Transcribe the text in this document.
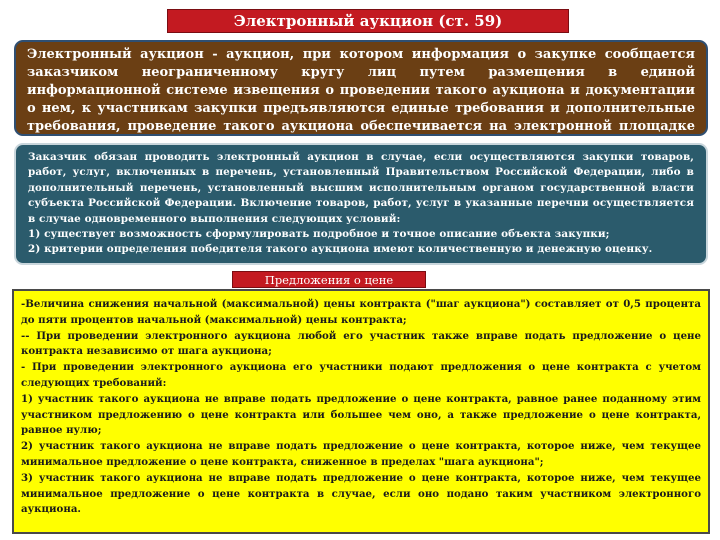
Электронный аукцион (ст. 59)
Электронный аукцион - аукцион, при котором информация о закупке сообщается заказчиком неограниченному кругу лиц путем размещения в единой информационной системе извещения о проведении такого аукциона и документации о нем, к участникам закупки предъявляются единые требования и дополнительные требования, проведение такого аукциона обеспечивается на электронной площадке

Заказчик обязан проводить электронный аукцион в случае, если осуществляются закупки товаров, работ, услуг, включенных в перечень, установленный Правительством Российской Федерации, либо в дополнительный перечень, установленный высшим исполнительным органом государственной власти субъекта Российской Федерации. Включение товаров, работ, услуг в указанные перечни осуществляется в случае одновременного выполнения следующих условий:

1) существует возможность сформулировать подробное и точное описание объекта закупки;

2) критерии определения победителя такого аукциона имеют количественную и денежную оценку.

Предложения о цене

-Величина снижения начальной (максимальной) цены контракта ("шаг аукциона") составляет от 0,5 процента до пяти процентов начальной (максимальной) цены контракта;

-- При проведении электронного аукциона любой его участник также вправе подать предложение о цене контракта независимо от шага аукциона;

- При проведении электронного аукциона его участники подают предложения о цене контракта с учетом следующих требований:

1) участник такого аукциона не вправе подать предложение о цене контракта, равное ранее поданному этим участником предложению о цене контракта или большее чем оно, а также предложение о цене контракта, равное нулю;

2) участник такого аукциона не вправе подать предложение о цене контракта, которое ниже, чем текущее минимальное предложение о цене контракта, сниженное в пределах "шага аукциона";

3) участник такого аукциона не вправе подать предложение о цене контракта, которое ниже, чем текущее минимальное предложение о цене контракта в случае, если оно подано таким участником электронного аукциона.
